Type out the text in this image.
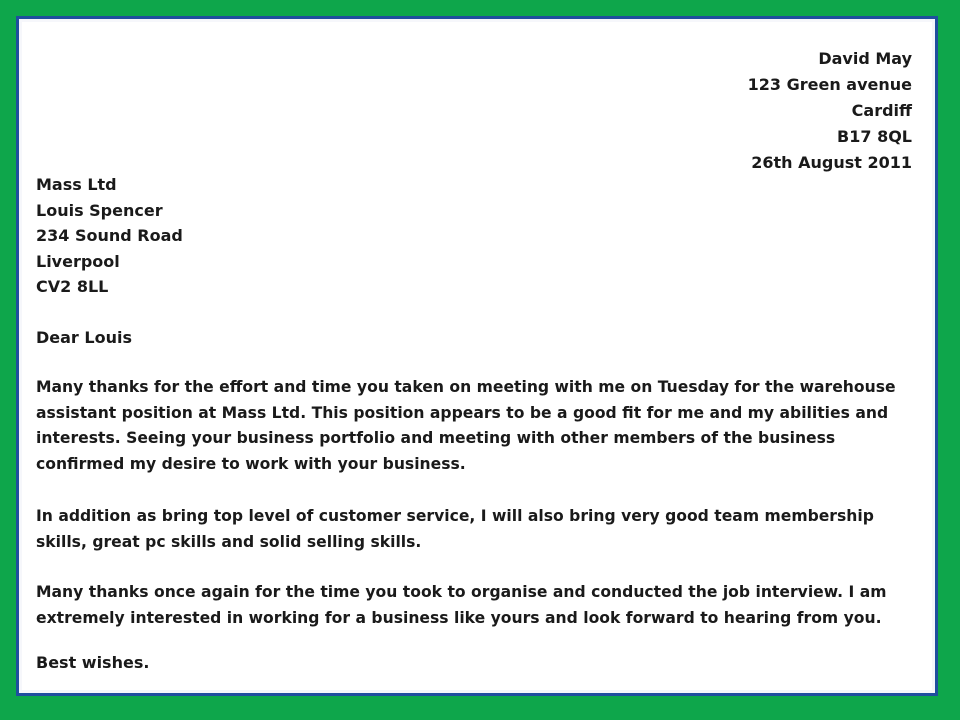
David May
123 Green avenue
Cardiff
B17 8QL
26th August 2011
Mass Ltd
Louis Spencer
234 Sound Road
Liverpool
CV2 8LL
Dear Louis
Many thanks for the effort and time you taken on meeting with me on Tuesday for the warehouse assistant position at Mass Ltd. This position appears to be a good fit for me and my abilities and interests. Seeing your business portfolio and meeting with other members of the business confirmed my desire to work with your business.
In addition as bring top level of customer service, I will also bring very good team membership skills, great pc skills and solid selling skills.
Many thanks once again for the time you took to organise and conducted the job interview. I am extremely interested in working for a business like yours and look forward to hearing from you.
Best wishes.
